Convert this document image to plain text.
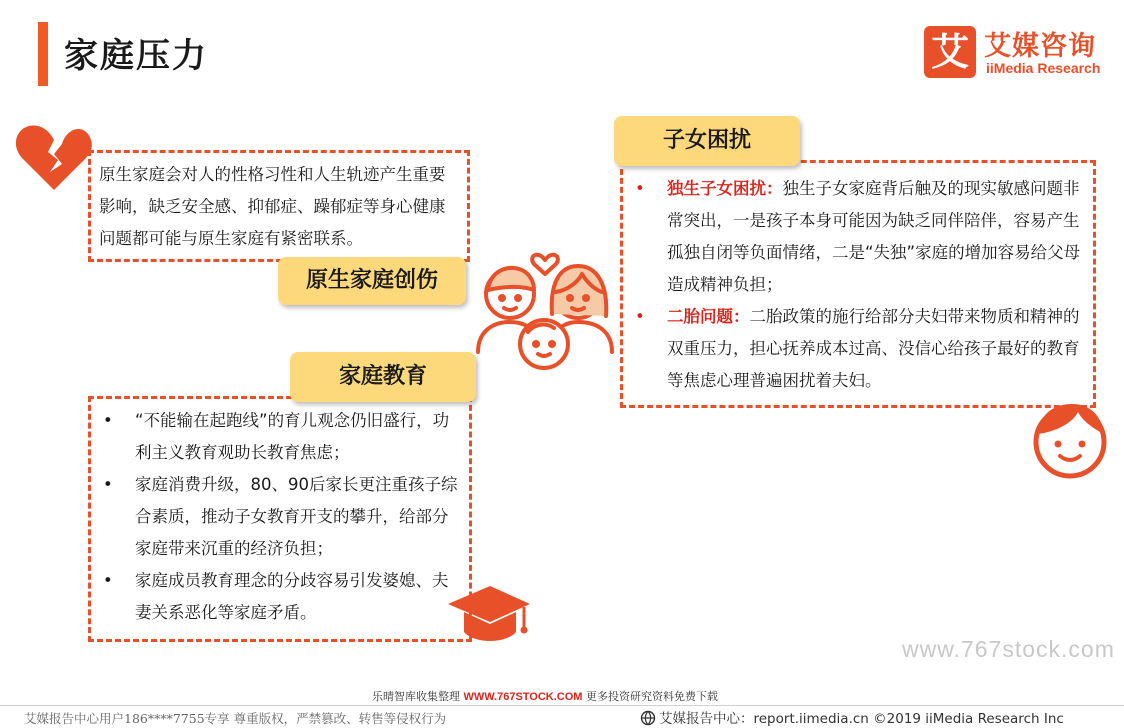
家庭压力	艾 艾媒咨询
iiMedia Research
原生家庭会对人的性格习性和人生轨迹产生重要影响，缺乏安全感、抑郁症、躁郁症等身心健康问题都可能与原生家庭有紧密联系。
原生家庭创伤
子女困扰
• 独生子女困扰：独生子女家庭背后触及的现实敏感问题非常突出，一是孩子本身可能因为缺乏同伴陪伴，容易产生孤独自闭等负面情绪，二是“失独”家庭的增加容易给父母造成精神负担；
• 二胎问题：二胎政策的施行给部分夫妇带来物质和精神的双重压力，担心抚养成本过高、没信心给孩子最好的教育等焦虑心理普遍困扰着夫妇。
家庭教育
• “不能输在起跑线”的育儿观念仍旧盛行，功利主义教育观助长教育焦虑；
• 家庭消费升级，80、90后家长更注重孩子综合素质，推动子女教育开支的攀升，给部分家庭带来沉重的经济负担；
• 家庭成员教育理念的分歧容易引发婆媳、夫妻关系恶化等家庭矛盾。
www.767stock.com
乐晴智库收集整理 WWW.767STOCK.COM 更多投资研究资料免费下载
艾媒报告中心用户186****7755专享 尊重版权，严禁篡改、转售等侵权行为	艾媒报告中心：report.iimedia.cn ©2019 iiMedia Research Inc
